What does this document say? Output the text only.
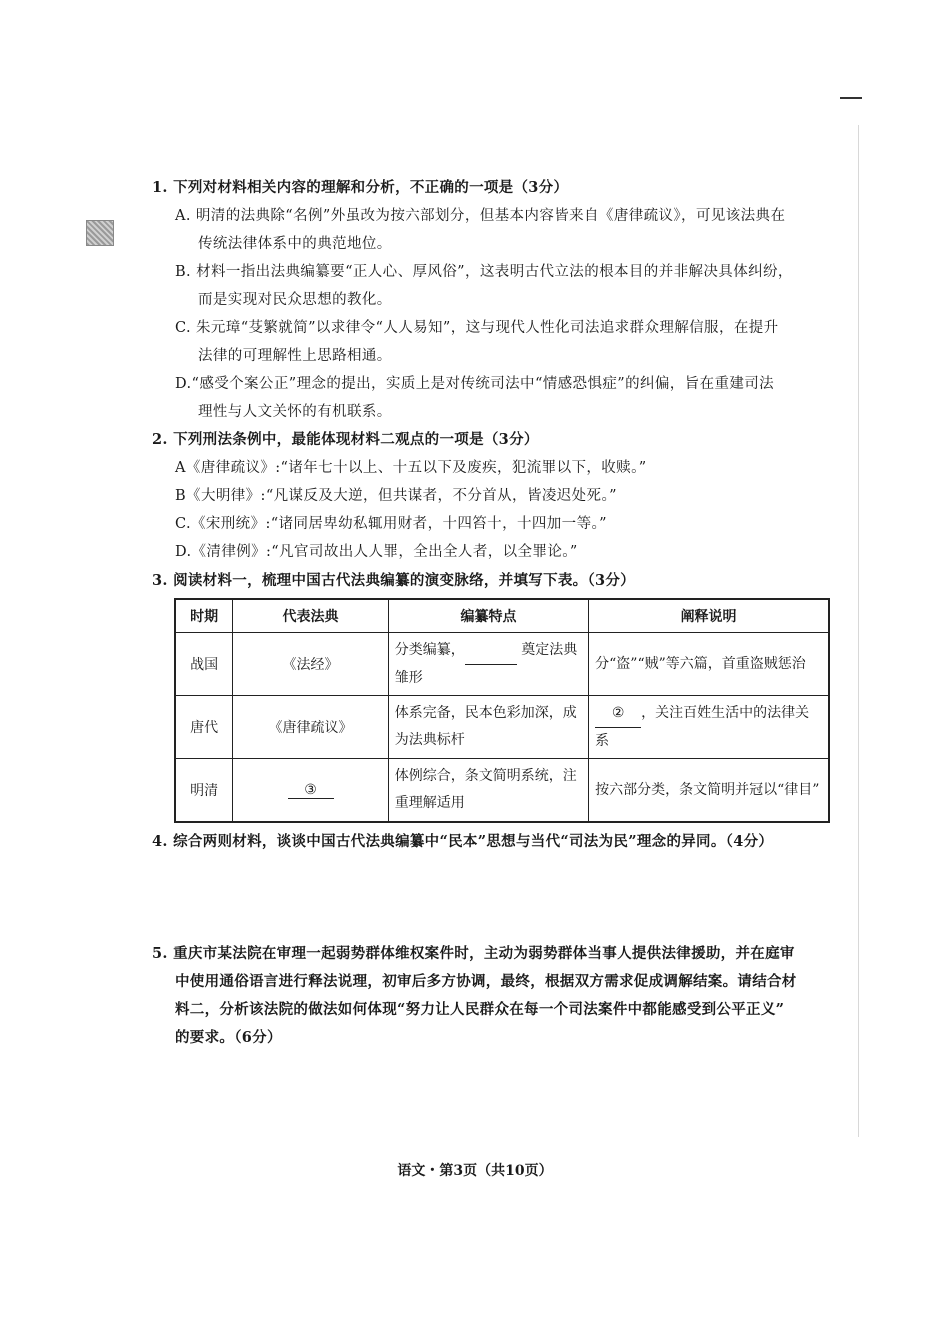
1. 下列对材料相关内容的理解和分析，不正确的一项是（3分）
A. 明清的法典除“名例”外虽改为按六部划分，但基本内容皆来自《唐律疏议》，可见该法典在
传统法律体系中的典范地位。
B. 材料一指出法典编纂要“正人心、厚风俗”，这表明古代立法的根本目的并非解决具体纠纷，
而是实现对民众思想的教化。
C. 朱元璋“芟繁就简”以求律令“人人易知”，这与现代人性化司法追求群众理解信服，在提升
法律的可理解性上思路相通。
D.“感受个案公正”理念的提出，实质上是对传统司法中“情感恐惧症”的纠偏，旨在重建司法
理性与人文关怀的有机联系。
2. 下列刑法条例中，最能体现材料二观点的一项是（3分）
A《唐律疏议》:“诸年七十以上、十五以下及废疾，犯流罪以下，收赎。”
B《大明律》:“凡谋反及大逆，但共谋者，不分首从，皆凌迟处死。”
C.《宋刑统》:“诸同居卑幼私辄用财者，十四笞十，十四加一等。”
D.《清律例》:“凡官司故出人人罪，全出全人者，以全罪论。”
3. 阅读材料一，梳理中国古代法典编纂的演变脉络，并填写下表。（3分）
时期	代表法典	编纂特点	阐释说明
战国	《法经》	分类编纂， 奠定法典雏形	分“盗”“贼”等六篇，首重盗贼惩治
唐代	《唐律疏议》	体系完备，民本色彩加深，成为法典标杆	② ，关注百姓生活中的法律关系
明清	③	体例综合，条文简明系统，注重理解适用	按六部分类，条文简明并冠以“律目”
4. 综合两则材料，谈谈中国古代法典编纂中“民本”思想与当代“司法为民”理念的异同。（4分）
5. 重庆市某法院在审理一起弱势群体维权案件时，主动为弱势群体当事人提供法律援助，并在庭审
中使用通俗语言进行释法说理，初审后多方协调，最终，根据双方需求促成调解结案。请结合材
料二，分析该法院的做法如何体现“努力让人民群众在每一个司法案件中都能感受到公平正义”
的要求。（6分）
语文・第3页（共10页）
